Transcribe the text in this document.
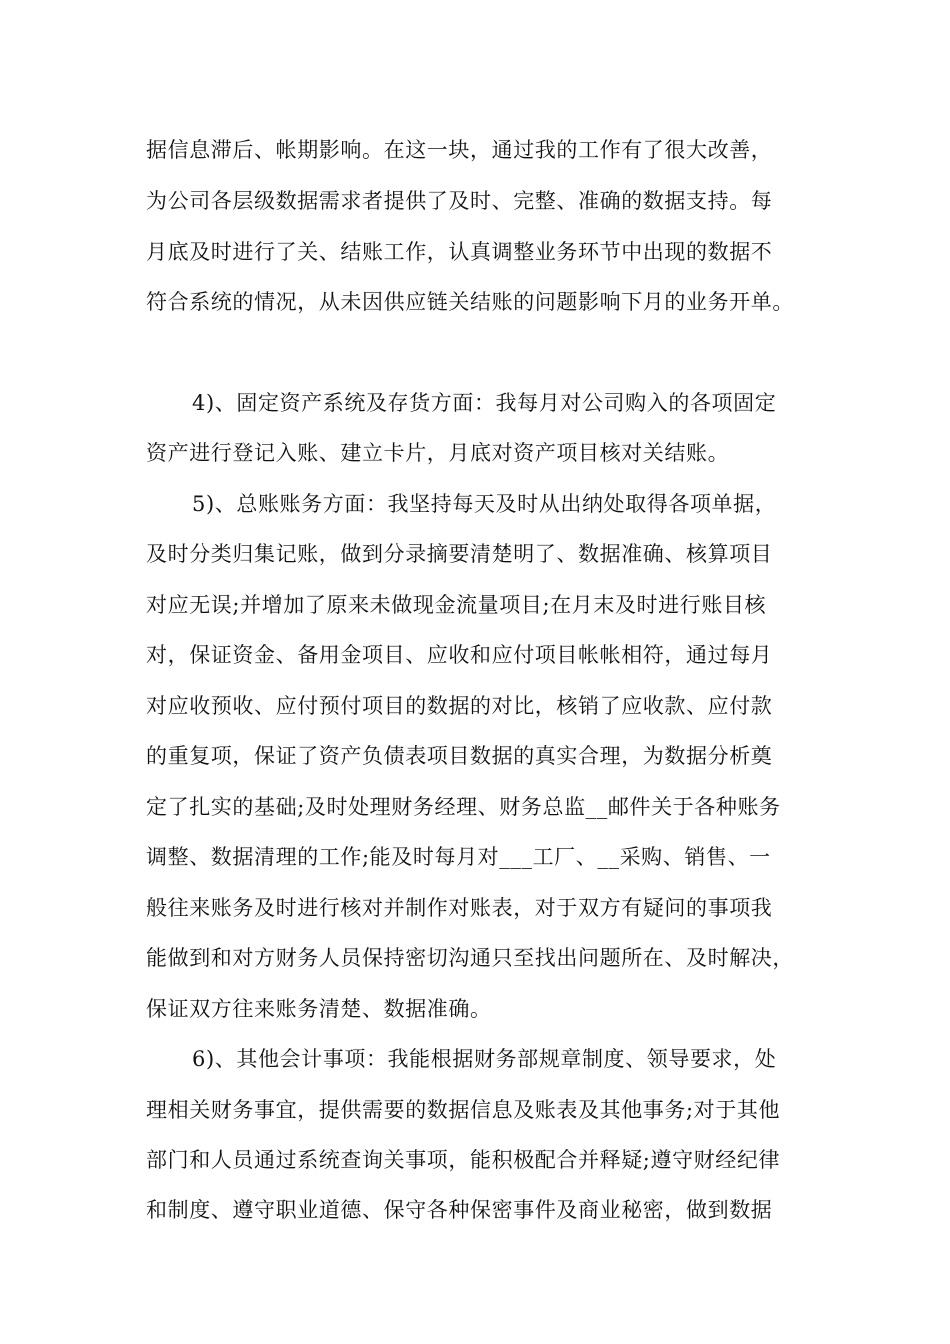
据信息滞后、帐期影响。在这一块，通过我的工作有了很大改善，
为公司各层级数据需求者提供了及时、完整、准确的数据支持。每
月底及时进行了关、结账工作，认真调整业务环节中出现的数据不
符合系统的情况，从未因供应链关结账的问题影响下月的业务开单。
4)、固定资产系统及存货方面：我每月对公司购入的各项固定
资产进行登记入账、建立卡片，月底对资产项目核对关结账。
5)、总账账务方面：我坚持每天及时从出纳处取得各项单据，
及时分类归集记账，做到分录摘要清楚明了、数据准确、核算项目
对应无误;并增加了原来未做现金流量项目;在月末及时进行账目核
对，保证资金、备用金项目、应收和应付项目帐帐相符，通过每月
对应收预收、应付预付项目的数据的对比，核销了应收款、应付款
的重复项，保证了资产负债表项目数据的真实合理，为数据分析奠
定了扎实的基础;及时处理财务经理、财务总监__邮件关于各种账务
调整、数据清理的工作;能及时每月对___工厂、__采购、销售、一
般往来账务及时进行核对并制作对账表，对于双方有疑问的事项我
能做到和对方财务人员保持密切沟通只至找出问题所在、及时解决，
保证双方往来账务清楚、数据准确。
6)、其他会计事项：我能根据财务部规章制度、领导要求，处
理相关财务事宜，提供需要的数据信息及账表及其他事务;对于其他
部门和人员通过系统查询关事项，能积极配合并释疑;遵守财经纪律
和制度、遵守职业道德、保守各种保密事件及商业秘密，做到数据
